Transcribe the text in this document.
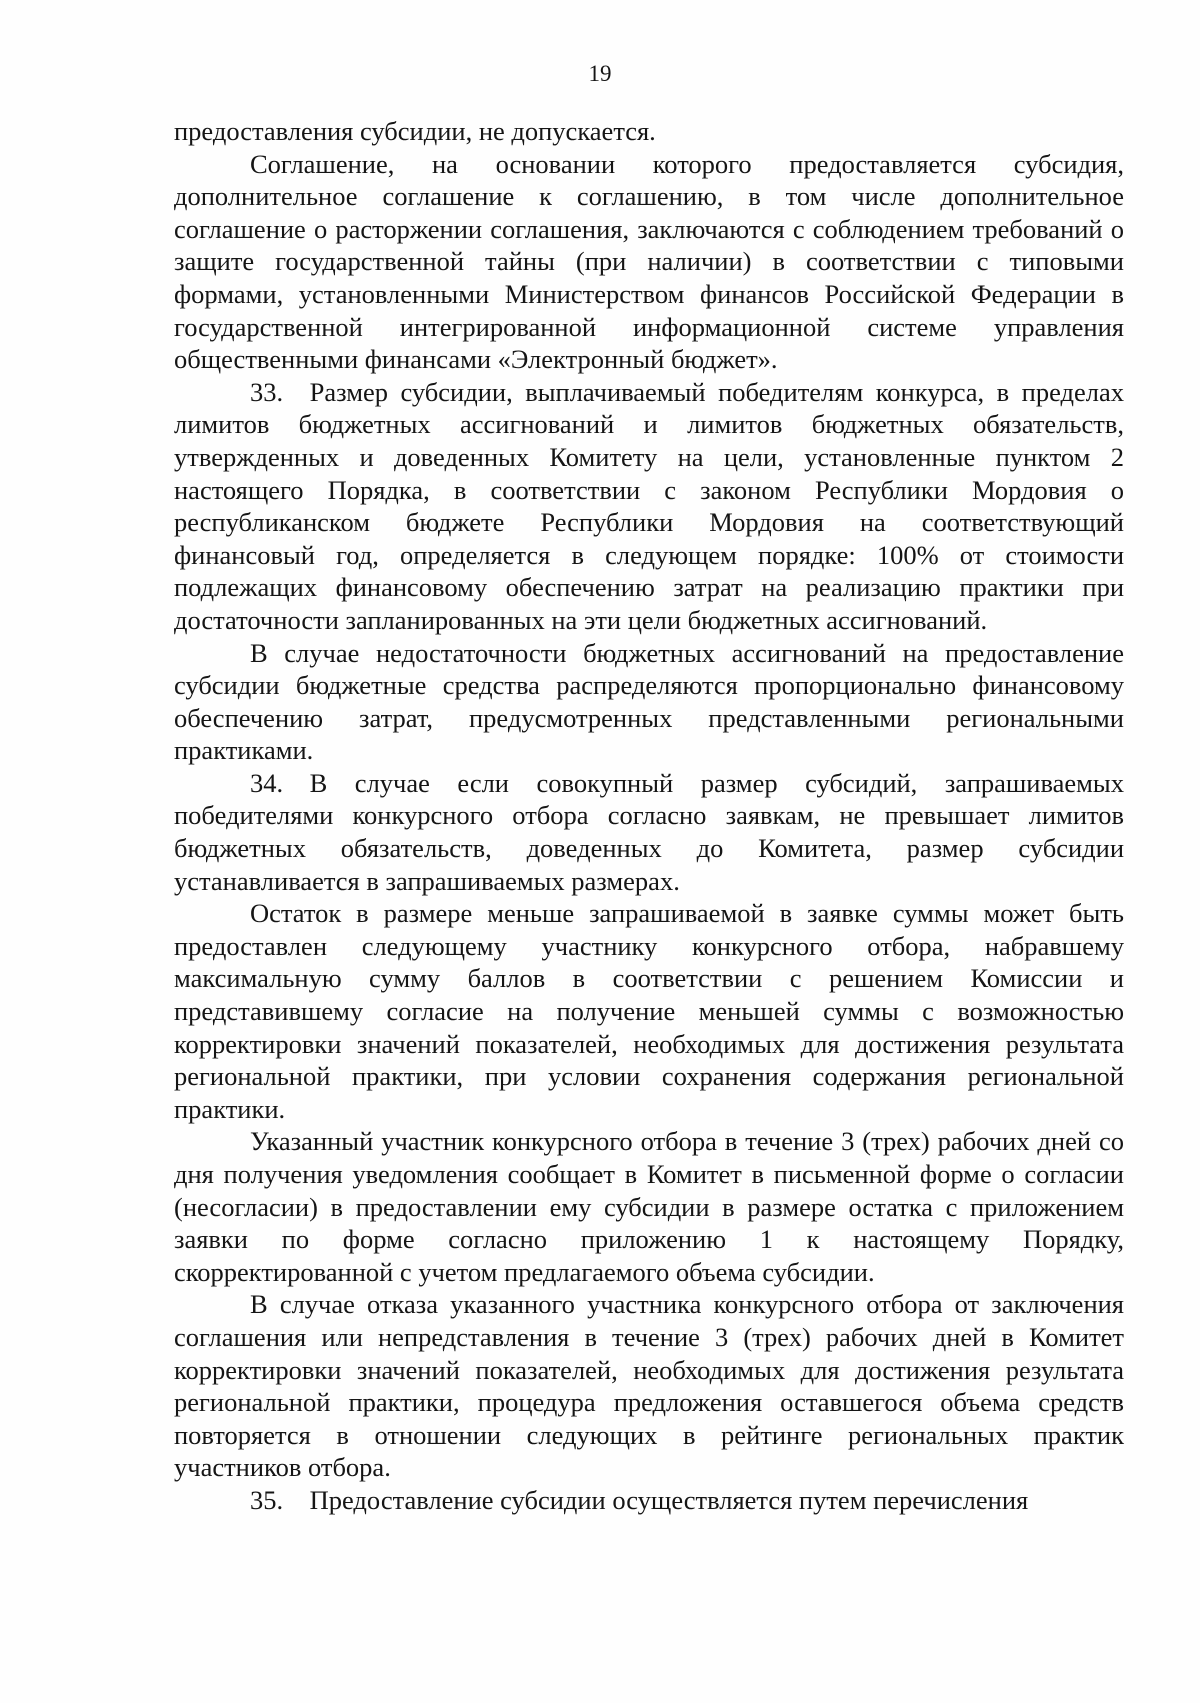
19

предоставления субсидии, не допускается.

Соглашение, на основании которого предоставляется субсидия, дополнительное соглашение к соглашению, в том числе дополнительное соглашение о расторжении соглашения, заключаются с соблюдением требований о защите государственной тайны (при наличии) в соответствии с типовыми формами, установленными Министерством финансов Российской Федерации в государственной интегрированной информационной системе управления общественными финансами «Электронный бюджет».

33. Размер субсидии, выплачиваемый победителям конкурса, в пределах лимитов бюджетных ассигнований и лимитов бюджетных обязательств, утвержденных и доведенных Комитету на цели, установленные пунктом 2 настоящего Порядка, в соответствии с законом Республики Мордовия о республиканском бюджете Республики Мордовия на соответствующий финансовый год, определяется в следующем порядке: 100% от стоимости подлежащих финансовому обеспечению затрат на реализацию практики при достаточности запланированных на эти цели бюджетных ассигнований.

В случае недостаточности бюджетных ассигнований на предоставление субсидии бюджетные средства распределяются пропорционально финансовому обеспечению затрат, предусмотренных представленными региональными практиками.

34. В случае если совокупный размер субсидий, запрашиваемых победителями конкурсного отбора согласно заявкам, не превышает лимитов бюджетных обязательств, доведенных до Комитета, размер субсидии устанавливается в запрашиваемых размерах.

Остаток в размере меньше запрашиваемой в заявке суммы может быть предоставлен следующему участнику конкурсного отбора, набравшему максимальную сумму баллов в соответствии с решением Комиссии и представившему согласие на получение меньшей суммы с возможностью корректировки значений показателей, необходимых для достижения результата региональной практики, при условии сохранения содержания региональной практики.

Указанный участник конкурсного отбора в течение 3 (трех) рабочих дней со дня получения уведомления сообщает в Комитет в письменной форме о согласии (несогласии) в предоставлении ему субсидии в размере остатка с приложением заявки по форме согласно приложению 1 к настоящему Порядку, скорректированной с учетом предлагаемого объема субсидии.

В случае отказа указанного участника конкурсного отбора от заключения соглашения или непредставления в течение 3 (трех) рабочих дней в Комитет корректировки значений показателей, необходимых для достижения результата региональной практики, процедура предложения оставшегося объема средств повторяется в отношении следующих в рейтинге региональных практик участников отбора.

35. Предоставление субсидии осуществляется путем перечисления
